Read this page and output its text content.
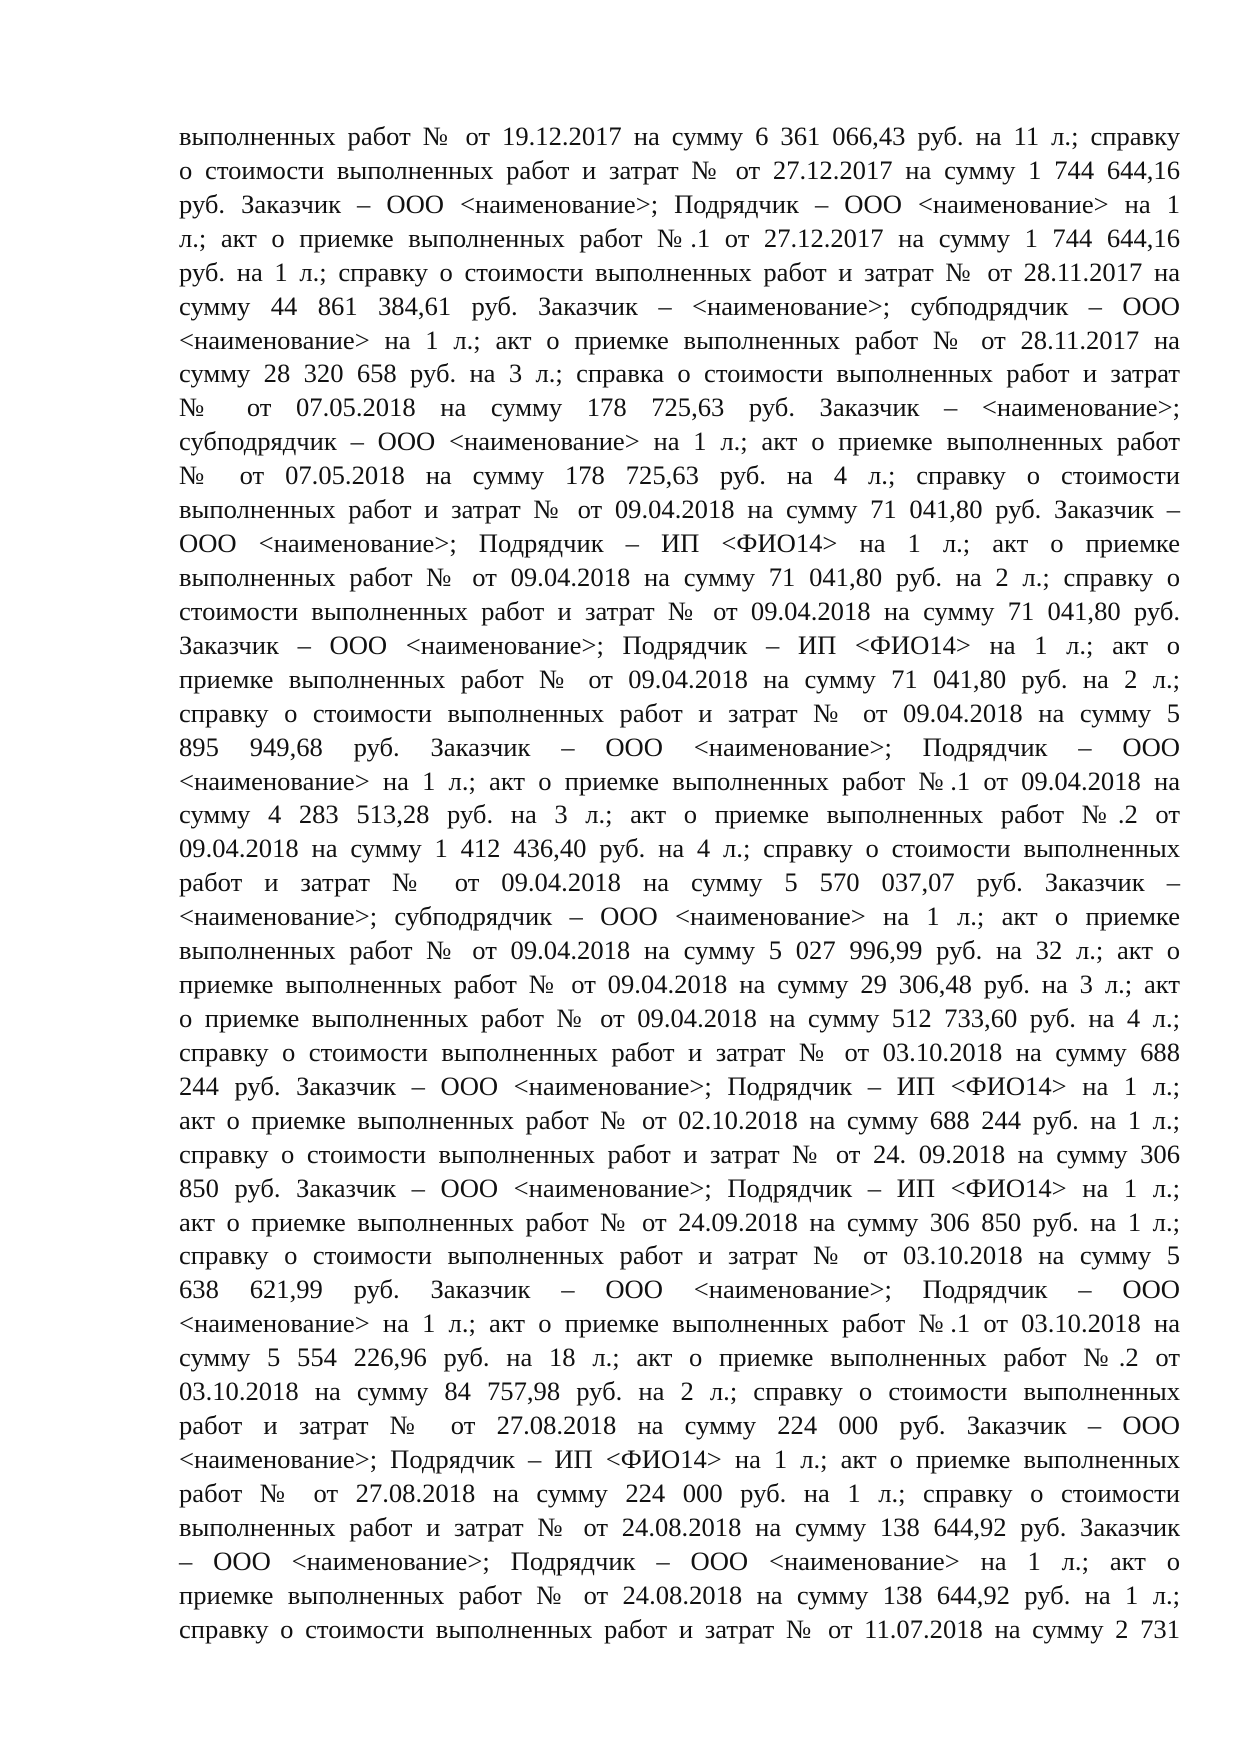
выполненных работ № от 19.12.2017 на сумму 6 361 066,43 руб. на 11 л.; справку
о стоимости выполненных работ и затрат № от 27.12.2017 на сумму 1 744 644,16
руб. Заказчик – ООО <наименование>; Подрядчик – ООО <наименование> на 1
л.; акт о приемке выполненных работ №.1 от 27.12.2017 на сумму 1 744 644,16
руб. на 1 л.; справку о стоимости выполненных работ и затрат № от 28.11.2017 на
сумму 44 861 384,61 руб. Заказчик – <наименование>; субподрядчик – ООО
<наименование> на 1 л.; акт о приемке выполненных работ № от 28.11.2017 на
сумму 28 320 658 руб. на 3 л.; справка о стоимости выполненных работ и затрат
№ от 07.05.2018 на сумму 178 725,63 руб. Заказчик – <наименование>;
субподрядчик – ООО <наименование> на 1 л.; акт о приемке выполненных работ
№ от 07.05.2018 на сумму 178 725,63 руб. на 4 л.; справку о стоимости
выполненных работ и затрат № от 09.04.2018 на сумму 71 041,80 руб. Заказчик –
ООО <наименование>; Подрядчик – ИП <ФИО14> на 1 л.; акт о приемке
выполненных работ № от 09.04.2018 на сумму 71 041,80 руб. на 2 л.; справку о
стоимости выполненных работ и затрат № от 09.04.2018 на сумму 71 041,80 руб.
Заказчик – ООО <наименование>; Подрядчик – ИП <ФИО14> на 1 л.; акт о
приемке выполненных работ № от 09.04.2018 на сумму 71 041,80 руб. на 2 л.;
справку о стоимости выполненных работ и затрат № от 09.04.2018 на сумму 5
895 949,68 руб. Заказчик – ООО <наименование>; Подрядчик – ООО
<наименование> на 1 л.; акт о приемке выполненных работ №.1 от 09.04.2018 на
сумму 4 283 513,28 руб. на 3 л.; акт о приемке выполненных работ №.2 от
09.04.2018 на сумму 1 412 436,40 руб. на 4 л.; справку о стоимости выполненных
работ и затрат № от 09.04.2018 на сумму 5 570 037,07 руб. Заказчик –
<наименование>; субподрядчик – ООО <наименование> на 1 л.; акт о приемке
выполненных работ № от 09.04.2018 на сумму 5 027 996,99 руб. на 32 л.; акт о
приемке выполненных работ № от 09.04.2018 на сумму 29 306,48 руб. на 3 л.; акт
о приемке выполненных работ № от 09.04.2018 на сумму 512 733,60 руб. на 4 л.;
справку о стоимости выполненных работ и затрат № от 03.10.2018 на сумму 688
244 руб. Заказчик – ООО <наименование>; Подрядчик – ИП <ФИО14> на 1 л.;
акт о приемке выполненных работ № от 02.10.2018 на сумму 688 244 руб. на 1 л.;
справку о стоимости выполненных работ и затрат № от 24. 09.2018 на сумму 306
850 руб. Заказчик – ООО <наименование>; Подрядчик – ИП <ФИО14> на 1 л.;
акт о приемке выполненных работ № от 24.09.2018 на сумму 306 850 руб. на 1 л.;
справку о стоимости выполненных работ и затрат № от 03.10.2018 на сумму 5
638 621,99 руб. Заказчик – ООО <наименование>; Подрядчик – ООО
<наименование> на 1 л.; акт о приемке выполненных работ №.1 от 03.10.2018 на
сумму 5 554 226,96 руб. на 18 л.; акт о приемке выполненных работ №.2 от
03.10.2018 на сумму 84 757,98 руб. на 2 л.; справку о стоимости выполненных
работ и затрат № от 27.08.2018 на сумму 224 000 руб. Заказчик – ООО
<наименование>; Подрядчик – ИП <ФИО14> на 1 л.; акт о приемке выполненных
работ № от 27.08.2018 на сумму 224 000 руб. на 1 л.; справку о стоимости
выполненных работ и затрат № от 24.08.2018 на сумму 138 644,92 руб. Заказчик
– ООО <наименование>; Подрядчик – ООО <наименование> на 1 л.; акт о
приемке выполненных работ № от 24.08.2018 на сумму 138 644,92 руб. на 1 л.;
справку о стоимости выполненных работ и затрат № от 11.07.2018 на сумму 2 731
